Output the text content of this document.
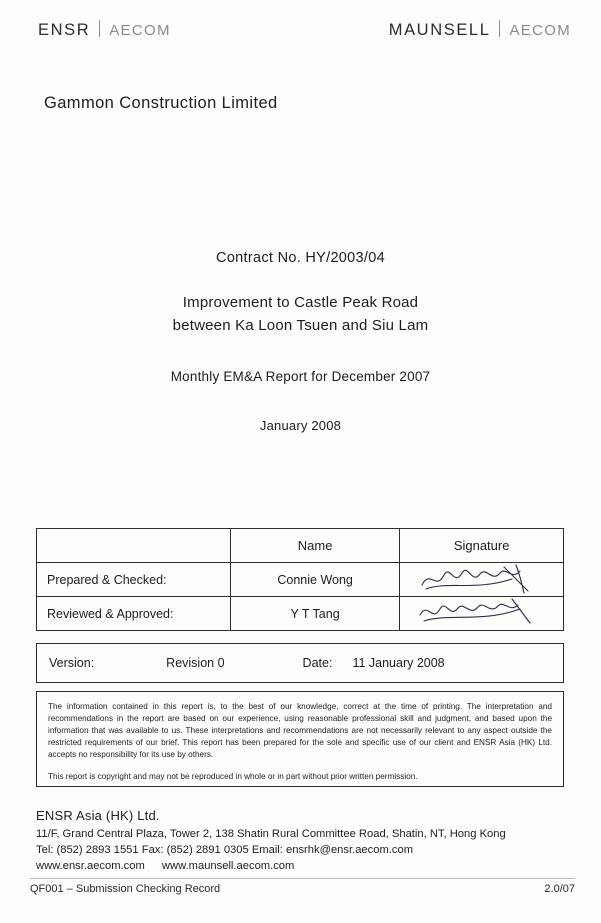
ENSR AECOM	MAUNSELL AECOM
Gammon Construction Limited
Contract No. HY/2003/04
Improvement to Castle Peak Road
between Ka Loon Tsuen and Siu Lam
Monthly EM&A Report for December 2007
January 2008
	Name	Signature
Prepared & Checked:	Connie Wong	

Reviewed & Approved:	Y T Tang	
Version:	Revision 0	Date: 11 January 2008
The information contained in this report is, to the best of our knowledge, correct at the time of printing. The interpretation and recommendations in the report are based on our experience, using reasonable professional skill and judgment, and based upon the information that was available to us. These interpretations and recommendations are not necessarily relevant to any aspect outside the restricted requirements of our brief. This report has been prepared for the sole and specific use of our client and ENSR Asia (HK) Ltd. accepts no responsibility for its use by others.
This report is copyright and may not be reproduced in whole or in part without prior written permission.
ENSR Asia (HK) Ltd.
11/F, Grand Central Plaza, Tower 2, 138 Shatin Rural Committee Road, Shatin, NT, Hong Kong
Tel: (852) 2893 1551 Fax: (852) 2891 0305 Email: ensrhk@ensr.aecom.com
www.ensr.aecom.com www.maunsell.aecom.com
QF001 – Submission Checking Record	2.0/07
